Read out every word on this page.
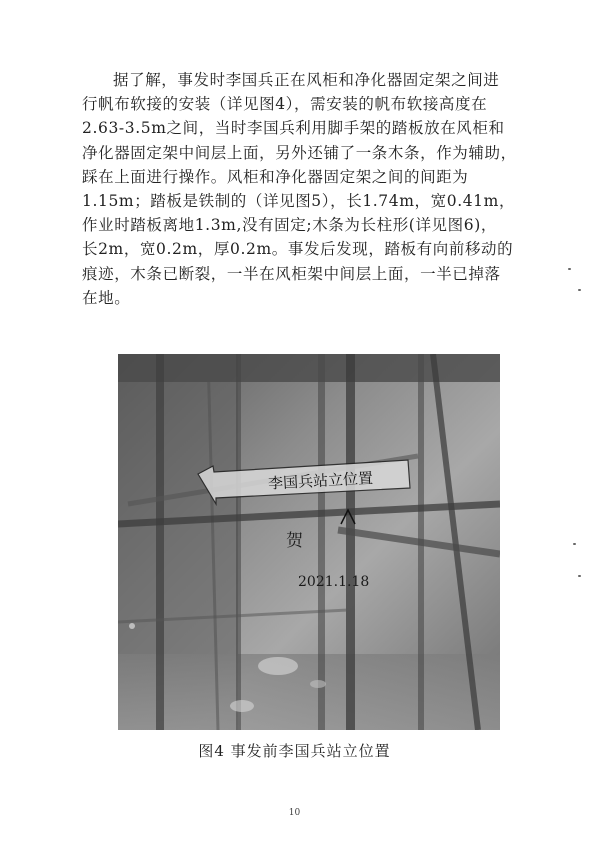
据了解，事发时李国兵正在风柜和净化器固定架之间进
行帆布软接的安装（详见图4），需安装的帆布软接高度在
2.63-3.5m之间，当时李国兵利用脚手架的踏板放在风柜和
净化器固定架中间层上面，另外还铺了一条木条，作为辅助，
踩在上面进行操作。风柜和净化器固定架之间的间距为
1.15m；踏板是铁制的（详见图5），长1.74m，宽0.41m，
作业时踏板离地1.3m,没有固定;木条为长柱形(详见图6)，
长2m，宽0.2m，厚0.2m。事发后发现，踏板有向前移动的
痕迹，木条已断裂，一半在风柜架中间层上面，一半已掉落
在地。
李国兵站立位置
贺
2021.1.18
图4 事发前李国兵站立位置
10
